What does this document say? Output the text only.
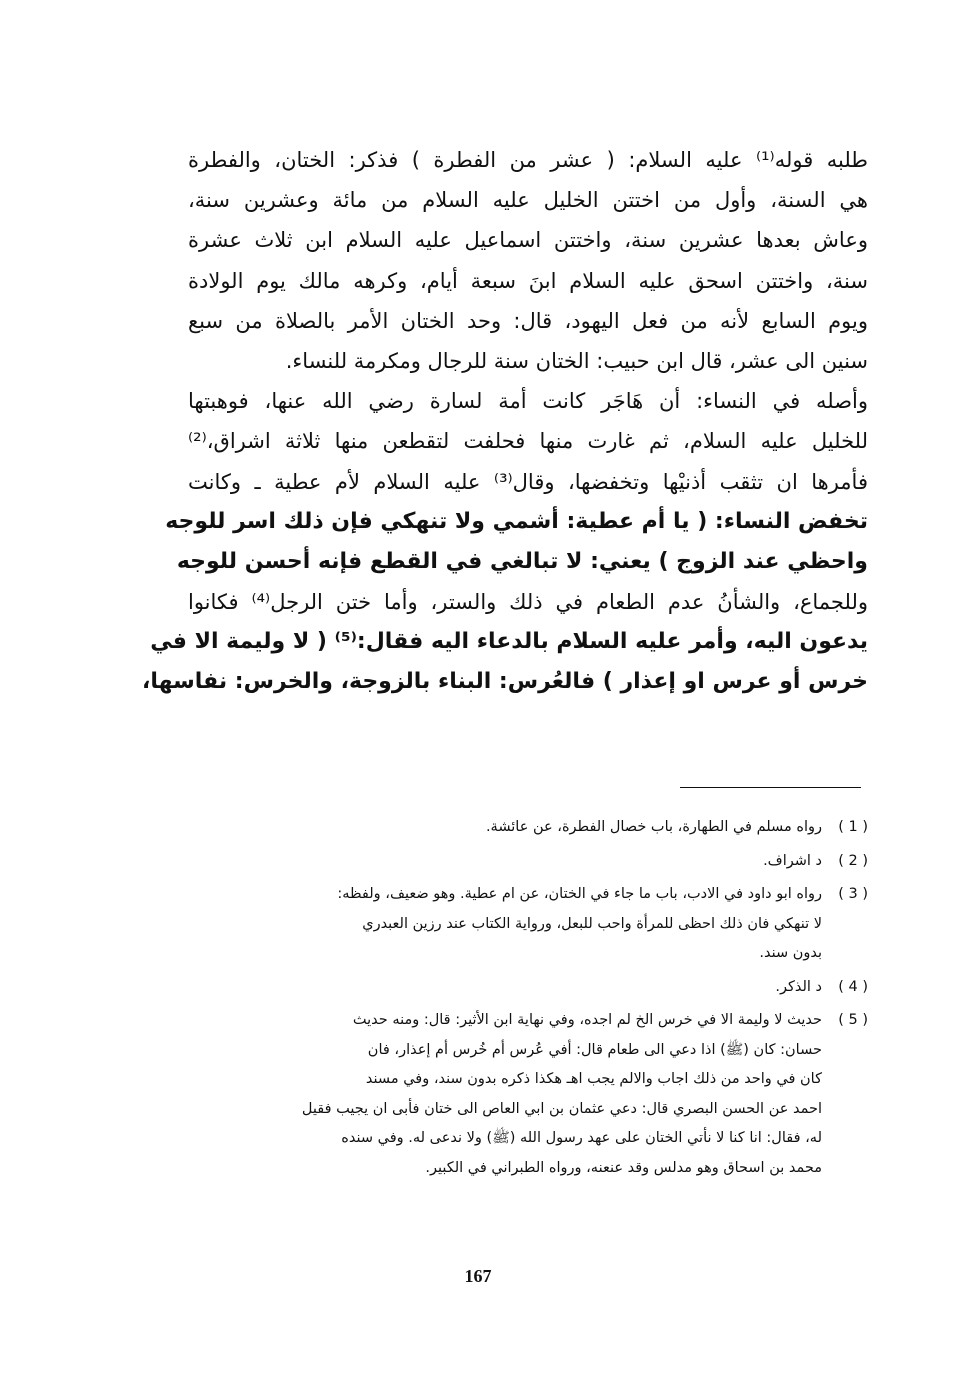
طلبه قوله⁽¹⁾ عليه السلام: ( عشر من الفطرة ) فذكر: الختان، والفطرة
هي السنة، وأول من اختتن الخليل عليه السلام من مائة وعشرين سنة،
وعاش بعدها عشرين سنة، واختتن اسماعيل عليه السلام ابن ثلاث عشرة
سنة، واختتن اسحق عليه السلام ابنَ سبعة أيام، وكرهه مالك يوم الولادة
ويوم السابع لأنه من فعل اليهود، قال: وحد الختان الأمر بالصلاة من سبع
سنين الى عشر، قال ابن حبيب: الختان سنة للرجال ومكرمة للنساء.
وأصله في النساء: أن هَاجَر كانت أمة لسارة رضي الله عنها، فوهبتها
للخليل عليه السلام، ثم غارت منها فحلفت لتقطعن منها ثلاثة اشراق،⁽²⁾
فأمرها ان تثقب أذنيْها وتخفضها، وقال⁽³⁾ عليه السلام لأم عطية ـ وكانت
تخفض النساء: ( يا أم عطية: أشمي ولا تنهكي فإن ذلك اسر للوجه
واحظي عند الزوج ) يعني: لا تبالغي في القطع فإنه أحسن للوجه
وللجماع، والشأنُ عدم الطعام في ذلك والستر، وأما ختن الرجل⁽⁴⁾ فكانوا
يدعون اليه، وأمر عليه السلام بالدعاء اليه فقال:⁽⁵⁾ ( لا وليمة الا في
خرس أو عرس او إعذار ) فالعُرس: البناء بالزوجة، والخرس: نفاسها،
( 1 )
رواه مسلم في الطهارة، باب خصال الفطرة، عن عائشة.
( 2 )
د اشراف.
( 3 )
رواه ابو داود في الادب، باب ما جاء في الختان، عن ام عطية. وهو ضعيف، ولفظه:
لا تنهكي فان ذلك احظى للمرأة واحب للبعل، ورواية الكتاب عند رزين العبدري
بدون سند.
( 4 )
د الذكر.
( 5 )
حديث لا وليمة الا في خرس الخ لم اجده، وفي نهاية ابن الأثير: قال: ومنه حديث
حسان: كان (ﷺ) اذا دعي الى طعام قال: أفي عُرس أم خُرس أم إعذار، فان
كان في واحد من ذلك اجاب والالم يجب اهـ هكذا ذكره بدون سند، وفي مسند
احمد عن الحسن البصري قال: دعي عثمان بن ابي العاص الى ختان فأبى ان يجيب فقيل
له، فقال: انا كنا لا نأتي الختان على عهد رسول الله (ﷺ) ولا ندعى له. وفي سنده
محمد بن اسحاق وهو مدلس وقد عنعنه، ورواه الطبراني في الكبير.
167
